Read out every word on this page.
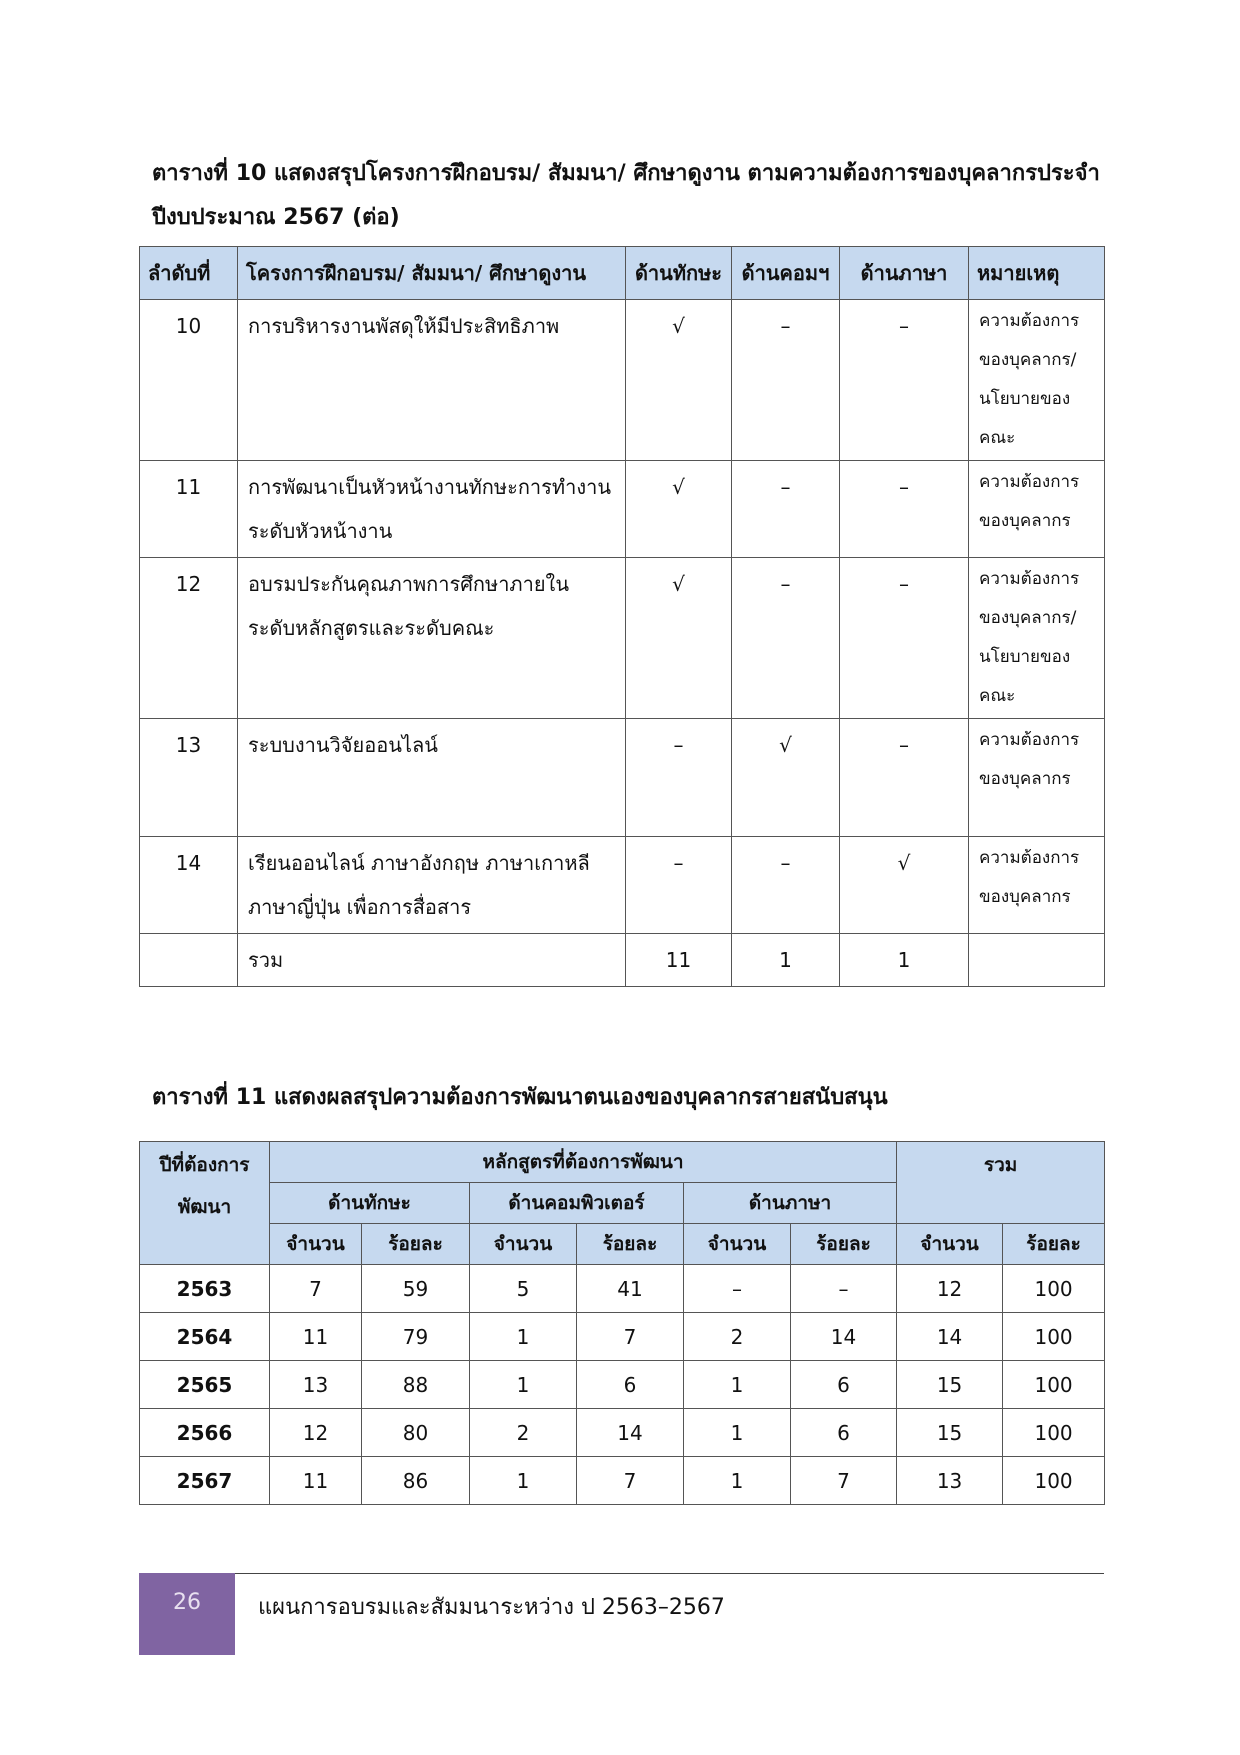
ตารางที่ 10 แสดงสรุปโครงการฝึกอบรม/ สัมมนา/ ศึกษาดูงาน ตามความต้องการของบุคลากรประจำปีงบประมาณ 2567 (ต่อ)

ลำดับที่	โครงการฝึกอบรม/ สัมมนา/ ศึกษาดูงาน	ด้านทักษะ	ด้านคอมฯ	ด้านภาษา	หมายเหตุ
10	การบริหารงานพัสดุให้มีประสิทธิภาพ	√	–	–	ความต้องการของบุคลากร/นโยบายของคณะ
11	การพัฒนาเป็นหัวหน้างานทักษะการทำงานระดับหัวหน้างาน	√	–	–	ความต้องการของบุคลากร
12	อบรมประกันคุณภาพการศึกษาภายในระดับหลักสูตรและระดับคณะ	√	–	–	ความต้องการของบุคลากร/นโยบายของคณะ
13	ระบบงานวิจัยออนไลน์	–	√	–	ความต้องการของบุคลากร
14	เรียนออนไลน์ ภาษาอังกฤษ ภาษาเกาหลี ภาษาญี่ปุ่น เพื่อการสื่อสาร	–	–	√	ความต้องการของบุคลากร
	รวม	11	1	1	

ตารางที่ 11 แสดงผลสรุปความต้องการพัฒนาตนเองของบุคลากรสายสนับสนุน

ปีที่ต้องการพัฒนา	หลักสูตรที่ต้องการพัฒนา						รวม	
	ด้านทักษะ		ด้านคอมพิวเตอร์		ด้านภาษา			
	จำนวน	ร้อยละ	จำนวน	ร้อยละ	จำนวน	ร้อยละ	จำนวน	ร้อยละ
2563	7	59	5	41	–	–	12	100
2564	11	79	1	7	2	14	14	100
2565	13	88	1	6	1	6	15	100
2566	12	80	2	14	1	6	15	100
2567	11	86	1	7	1	7	13	100
26	แผนการอบรมและสัมมนาระหว่าง ป 2563–2567
